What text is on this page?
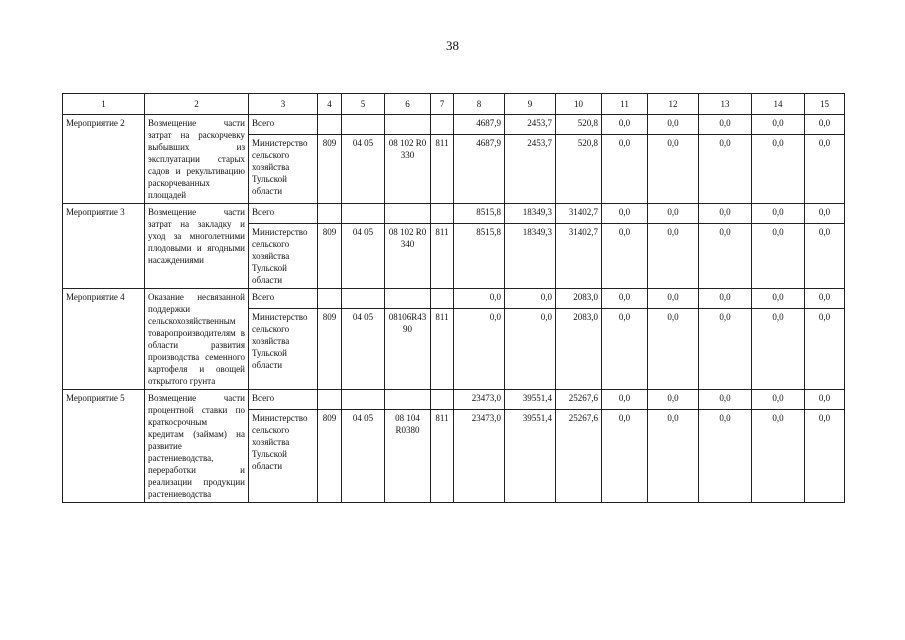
38
1	2	3	4	5	6	7	8	9	10	11	12	13	14	15
Мероприятие 2	Возмещение части затрат на раскорчевку выбывших из эксплуатации старых садов и рекультивацию раскорчеванных площадей	Всего					4687,9	2453,7	520,8	0,0	0,0	0,0	0,0	0,0
		Министерство сельского хозяйства Тульской области	809	04 05	08 102 R0 330	811	4687,9	2453,7	520,8	0,0	0,0	0,0	0,0	0,0
Мероприятие 3	Возмещение части затрат на закладку и уход за многолетними плодовыми и ягодными насаждениями	Всего					8515,8	18349,3	31402,7	0,0	0,0	0,0	0,0	0,0
		Министерство сельского хозяйства Тульской области	809	04 05	08 102 R0 340	811	8515,8	18349,3	31402,7	0,0	0,0	0,0	0,0	0,0
Мероприятие 4	Оказание несвязанной поддержки сельскохозяйственным товаропроизводителям в области развития производства семенного картофеля и овощей открытого грунта	Всего					0,0	0,0	2083,0	0,0	0,0	0,0	0,0	0,0
		Министерство сельского хозяйства Тульской области	809	04 05	08106R43 90	811	0,0	0,0	2083,0	0,0	0,0	0,0	0,0	0,0
Мероприятие 5	Возмещение части процентной ставки по краткосрочным кредитам (займам) на развитие растениеводства, переработки и реализации продукции растениеводства	Всего					23473,0	39551,4	25267,6	0,0	0,0	0,0	0,0	0,0
		Министерство сельского хозяйства Тульской области	809	04 05	08 104 R0380	811	23473,0	39551,4	25267,6	0,0	0,0	0,0	0,0	0,0
